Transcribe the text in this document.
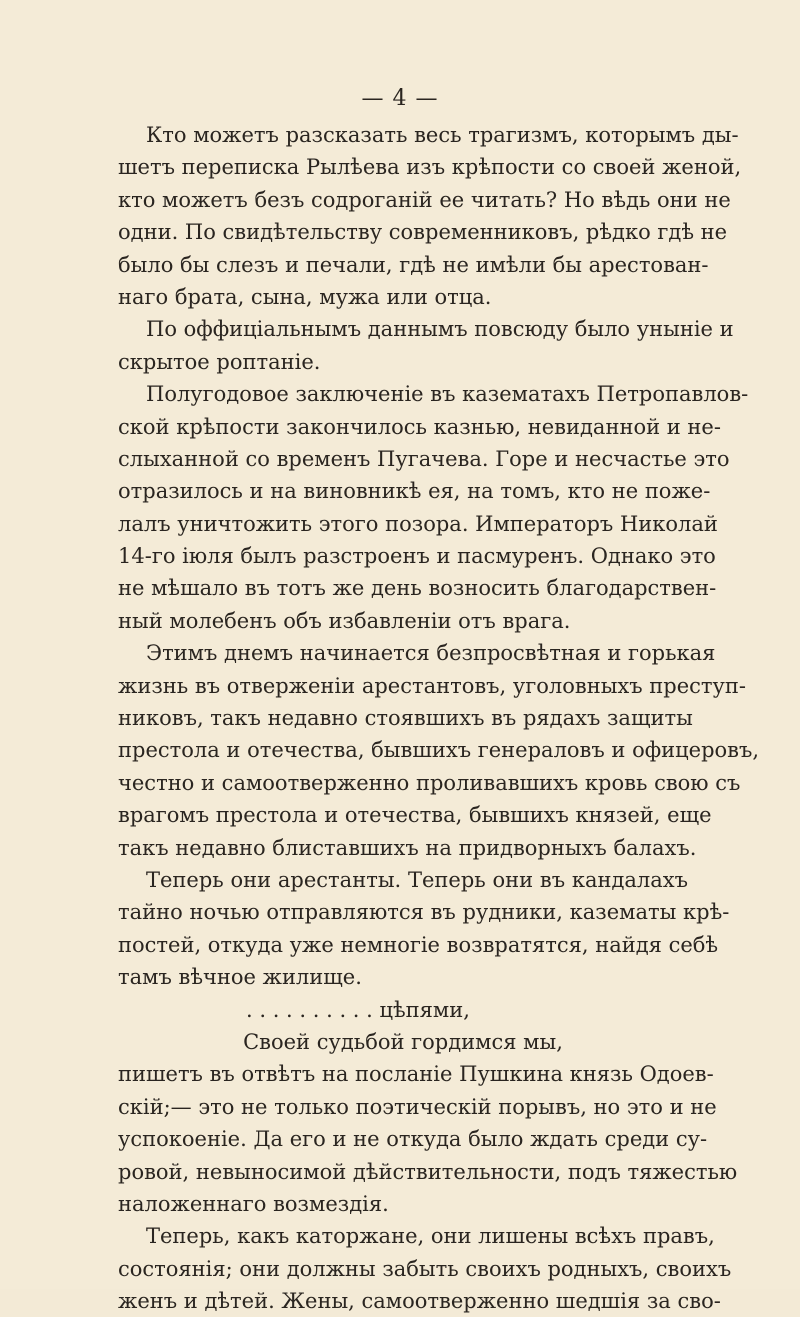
— 4 —
Кто можетъ разсказать весь трагизмъ, которымъ ды-
шетъ переписка Рылѣева изъ крѣпости со своей женой,
кто можетъ безъ содроганiй ее читать? Но вѣдь они не
одни. По свидѣтельству современниковъ, рѣдко гдѣ не
было бы слезъ и печали, гдѣ не имѣли бы арестован-
наго брата, сына, мужа или отца.
По оффицiальнымъ даннымъ повсюду было унынiе и
скрытое роптанiе.
Полугодовое заключенiе въ казематахъ Петропавлов-
ской крѣпости закончилось казнью, невиданной и не-
слыханной со временъ Пугачева. Горе и несчастье это
отразилось и на виновникѣ ея, на томъ, кто не поже-
лалъ уничтожить этого позора. Императоръ Николай
14-го iюля былъ разстроенъ и пасмуренъ. Однако это
не мѣшало въ тотъ же день возносить благодарствен-
ный молебенъ объ избавленiи отъ врага.
Этимъ днемъ начинается безпросвѣтная и горькая
жизнь въ отверженiи арестантовъ, уголовныхъ преступ-
никовъ, такъ недавно стоявшихъ въ рядахъ защиты
престола и отечества, бывшихъ генераловъ и офицеровъ,
честно и самоотверженно проливавшихъ кровь свою съ
врагомъ престола и отечества, бывшихъ князей, еще
такъ недавно блиставшихъ на придворныхъ балахъ.
Теперь они арестанты. Теперь они въ кандалахъ
тайно ночью отправляются въ рудники, казематы крѣ-
постей, откуда уже немногiе возвратятся, найдя себѣ
тамъ вѣчное жилище.
. . . . . . . . . . цѣпями,
Своей судьбой гордимся мы,
пишетъ въ отвѣтъ на посланiе Пушкина князь Одоев-
скiй;— это не только поэтическiй порывъ, но это и не
успокоенiе. Да его и не откуда было ждать среди су-
ровой, невыносимой дѣйствительности, подъ тяжестью
наложеннаго возмездiя.
Теперь, какъ каторжане, они лишены всѣхъ правъ,
состоянiя; они должны забыть своихъ родныхъ, своихъ
женъ и дѣтей. Жены, самоотверженно шедшiя за сво-
